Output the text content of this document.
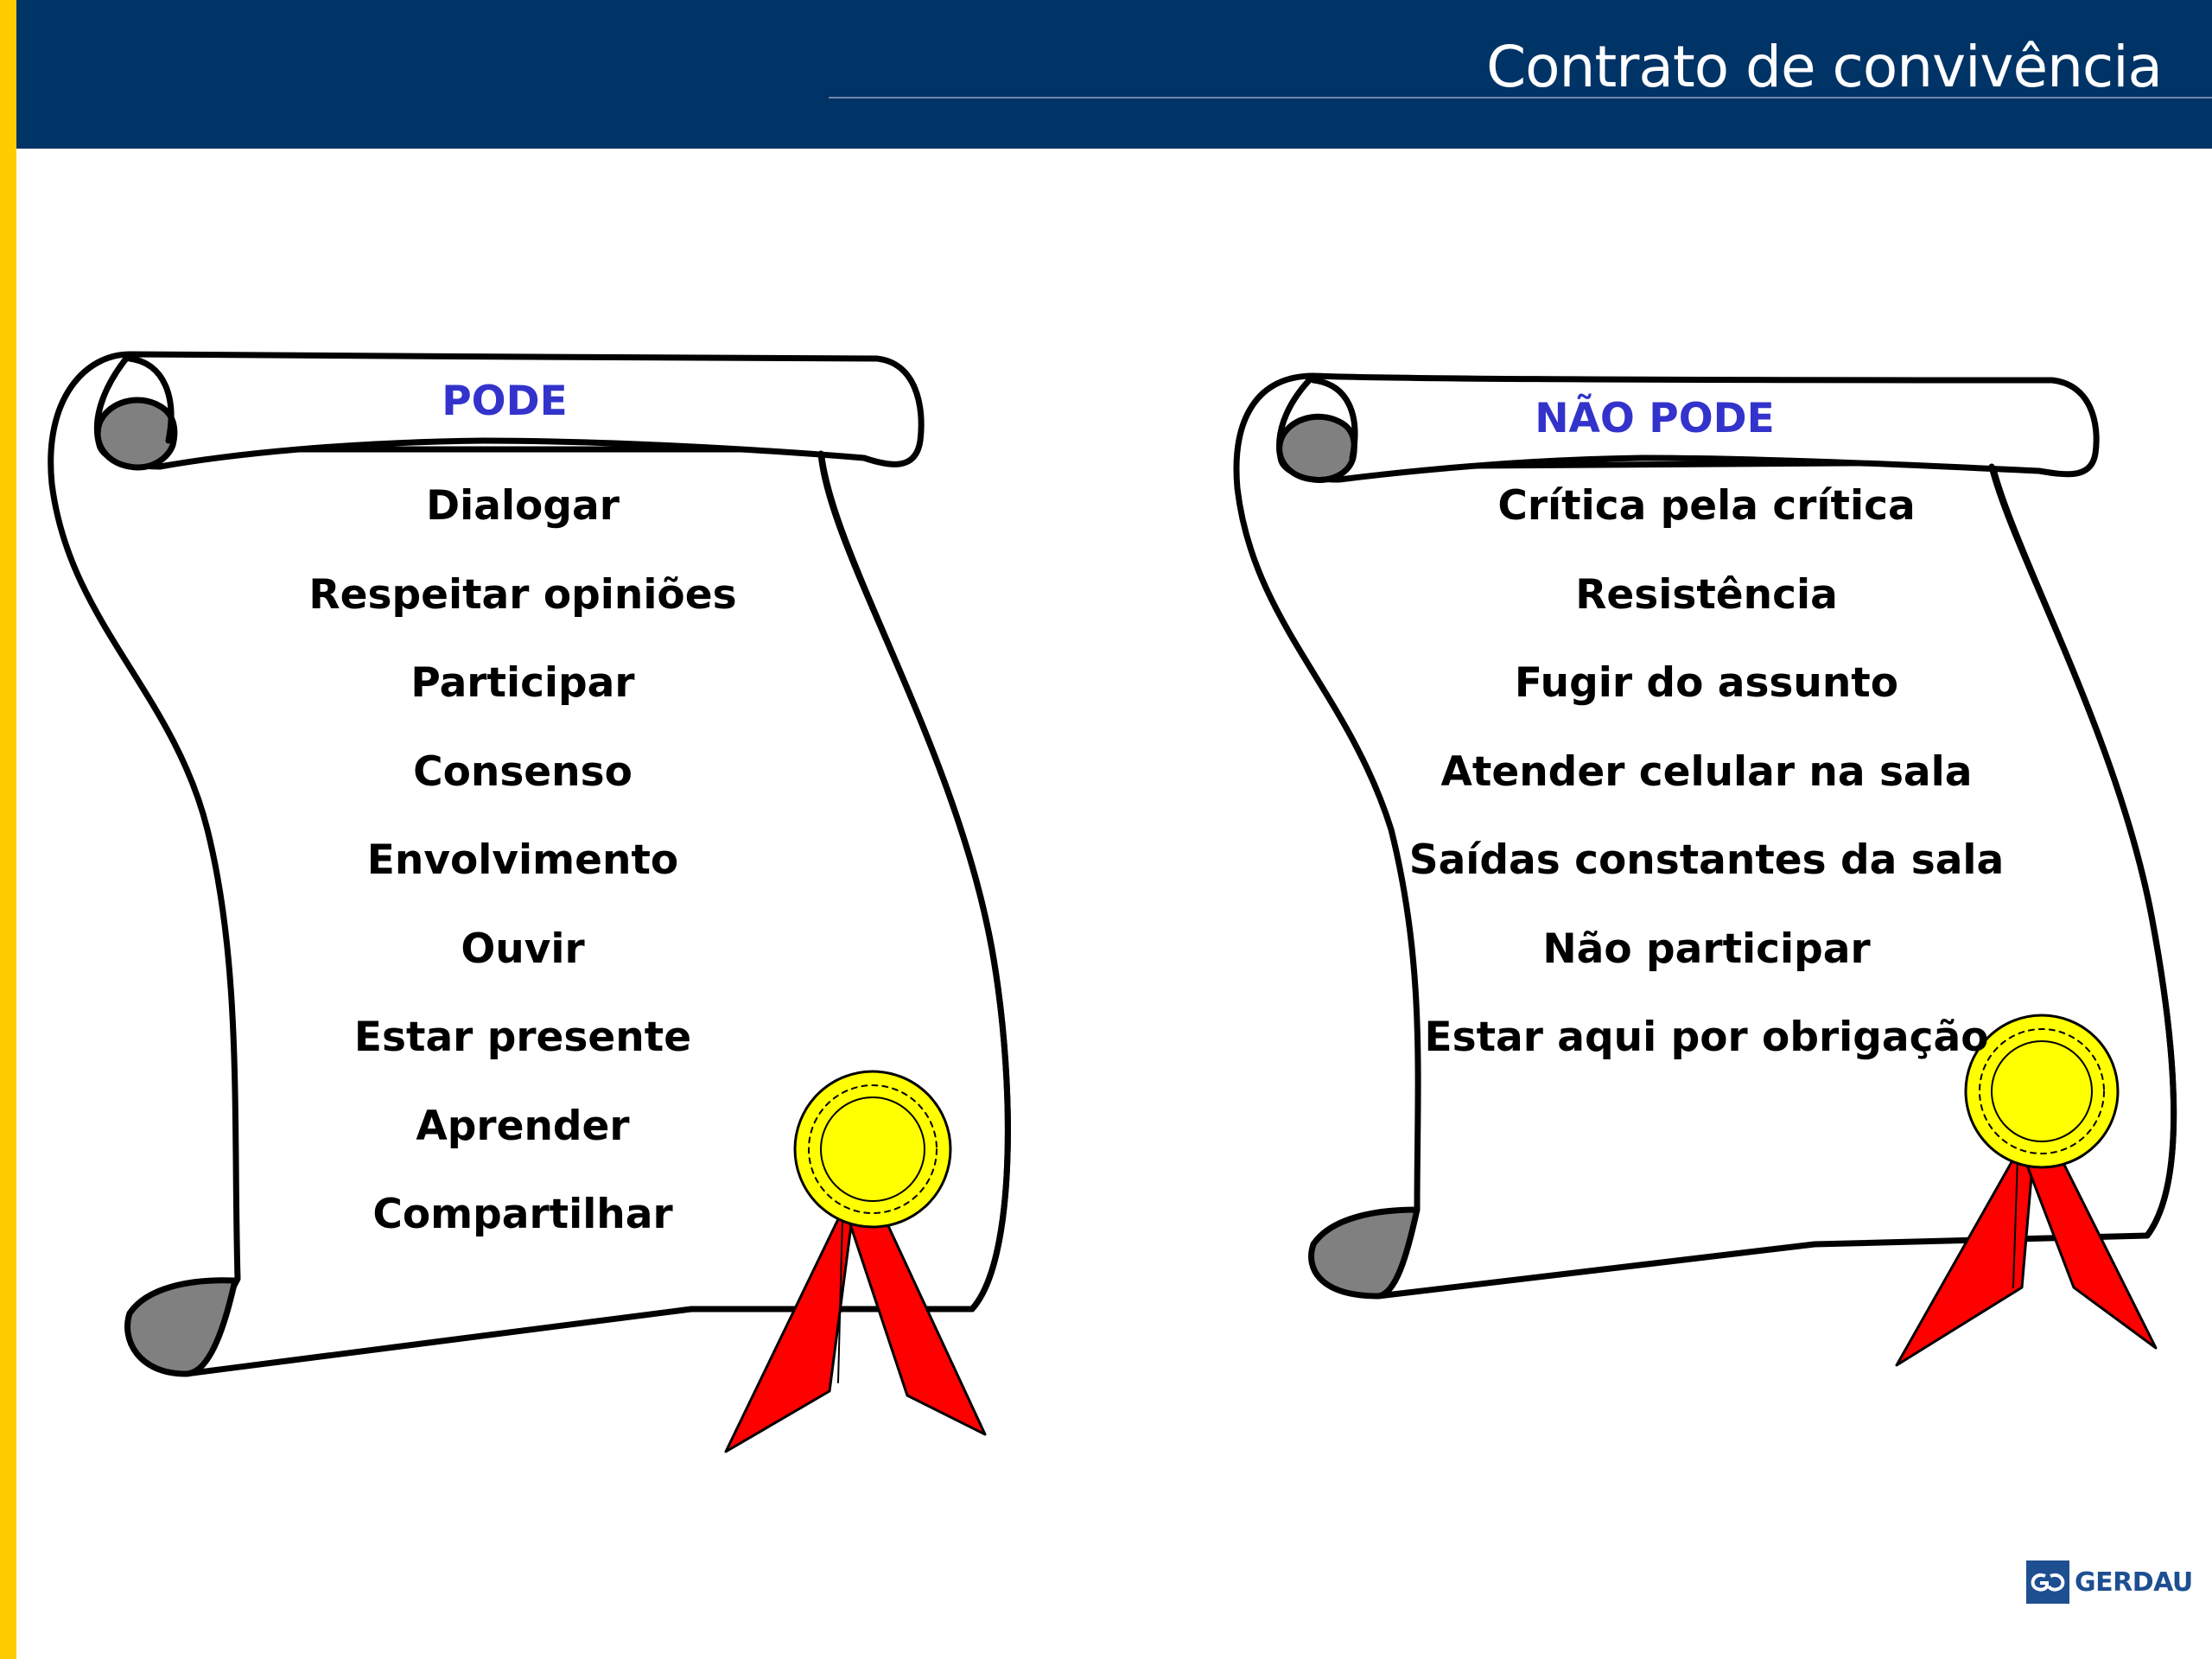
Contrato de convivência
PODE
Dialogar
Respeitar opiniões
Participar
Consenso
Envolvimento
Ouvir
Estar presente
Aprender
Compartilhar
NÃO PODE
Crítica pela crítica
Resistência
Fugir do assunto
Atender celular na sala
Saídas constantes da sala
Não participar
Estar aqui por obrigação
GERDAU
